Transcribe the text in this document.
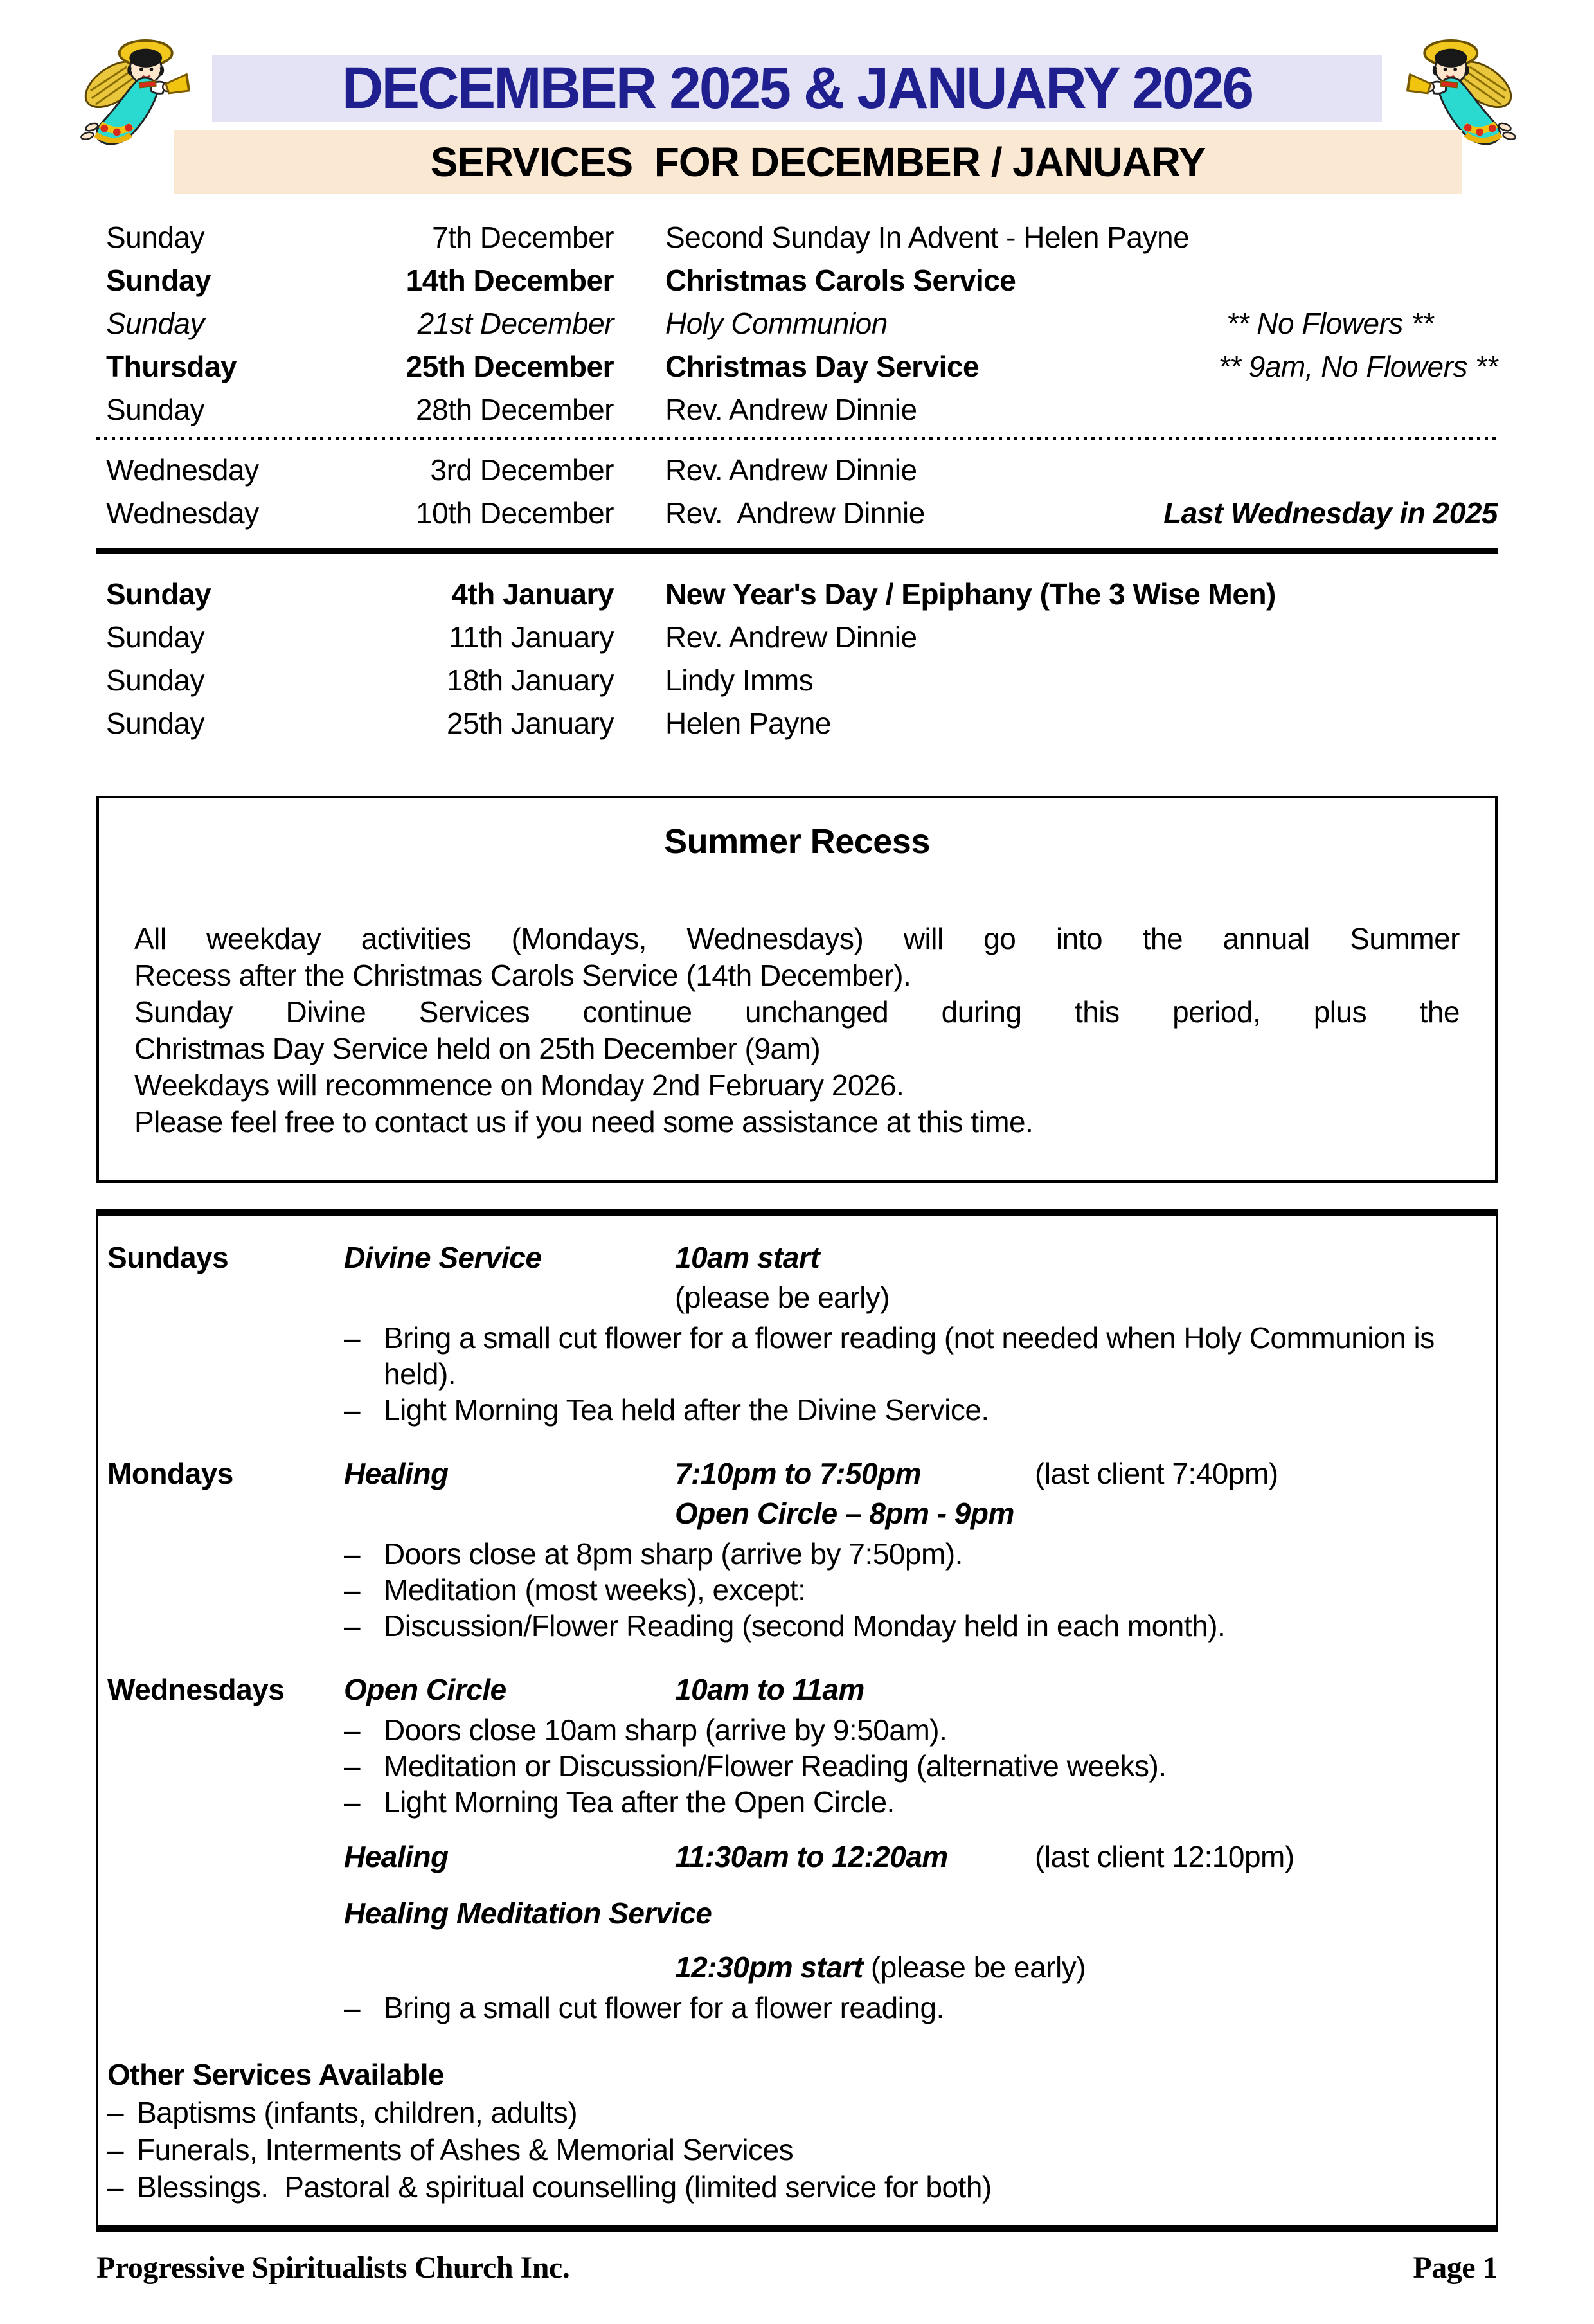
DECEMBER 2025 & JANUARY 2026
SERVICES  FOR DECEMBER / JANUARY
Sunday	7th December Second Sunday In Advent - Helen Payne
Sunday	14th December Christmas Carols Service
Sunday	21st December Holy Communion	** No Flowers **
Thursday	25th December Christmas Day Service	** 9am, No Flowers **
Sunday	28th December Rev. Andrew Dinnie
Wednesday	3rd December Rev. Andrew Dinnie
Wednesday	10th December Rev.  Andrew Dinnie	Last Wednesday in 2025
Sunday	4th January New Year's Day / Epiphany (The 3 Wise Men)
Sunday	11th January Rev. Andrew Dinnie
Sunday	18th January Lindy Imms
Sunday	25th January Helen Payne
Summer Recess
All weekday activities (Mondays, Wednesdays) will go into the annual Summer
Recess after the Christmas Carols Service (14th December).
Sunday Divine Services continue unchanged during this period, plus the
Christmas Day Service held on 25th December (9am)
Weekdays will recommence on Monday 2nd February 2026.
Please feel free to contact us if you need some assistance at this time.
Sundays	Divine Service	10am start   (please be early)
– Bring a small cut flower for a flower reading (not needed when Holy Communion is held).
– Light Morning Tea held after the Divine Service.
Mondays	Healing	7:10pm to 7:50pm	(last client 7:40pm)
Open Circle – 8pm - 9pm
– Doors close at 8pm sharp (arrive by 7:50pm).
– Meditation (most weeks), except:
– Discussion/Flower Reading (second Monday held in each month).
Wednesdays	Open Circle	10am to 11am
– Doors close 10am sharp (arrive by 9:50am).
– Meditation or Discussion/Flower Reading (alternative weeks).
– Light Morning Tea after the Open Circle.
Healing	11:30am to 12:20am	(last client 12:10pm)
Healing Meditation Service
12:30pm start (please be early)
– Bring a small cut flower for a flower reading.
Other Services Available
– Baptisms (infants, children, adults)
– Funerals, Interments of Ashes & Memorial Services
– Blessings.  Pastoral & spiritual counselling (limited service for both)
Progressive Spiritualists Church Inc.	Page 1
